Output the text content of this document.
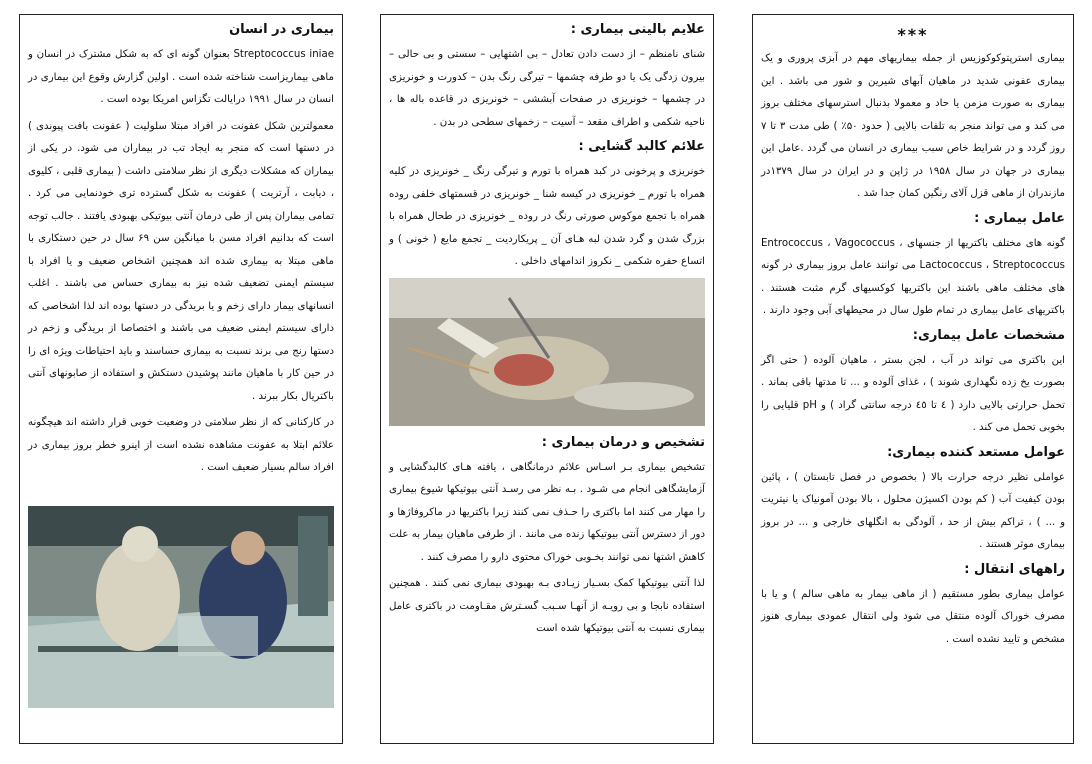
بیماری در انسان
Streptococcus iniae بعنوان گونه ای که به شکل مشترک در انسان و ماهی بیماریزاست شناخته شده است . اولین گزارش وقوع این بیماری در انسان در سال ۱۹۹۱ درایالت تگزاس امریکا بوده است .
معمولترین شکل عفونت در افراد مبتلا سلولیت ( عفونت بافت پیوندی ) در دستها است که منجر به ایجاد تب در بیماران می شود. در یکی از بیماران که مشکلات دیگری از نظر سلامتی داشت ( بیماری قلبی ، کلیوی ، دیابت ، آرتریت ) عفونت به شکل گسترده تری خودنمایی می کرد . تمامی بیماران پس از طی درمان آنتی بیوتیکی بهبودی یافتند . جالب توجه است که بدانیم افراد مسن با میانگین سن ۶۹ سال در حین دستکاری با ماهی مبتلا به بیماری شده اند همچنین اشخاص ضعیف و یا افراد با سیستم ایمنی تضعیف شده نیز به بیماری حساس می باشند . اغلب انسانهای بیمار دارای زخم و یا بریدگی در دستها بوده اند لذا اشخاصی که دارای سیستم ایمنی ضعیف می باشند و اختصاصا از بریدگی و زخم در دستها رنج می برند نسبت به بیماری حساسند و باید احتیاطات ویژه ای را در حین کار با ماهیان مانند پوشیدن دستکش و استفاده از صابونهای آنتی باکتریال بکار ببرند .
در کارکنانی که از نظر سلامتی در وضعیت خوبی قرار داشته اند هیچگونه علائم ابتلا به عفونت مشاهده نشده است از اینرو خطر بروز بیماری در افراد سالم بسیار ضعیف است .
علایم بالینی بیماری :
شنای نامنظم – از دست دادن تعادل – بی اشتهایی – سستی و بی حالی – بیرون زدگی یک یا دو طرفه چشمها – تیرگی رنگ بدن – کدورت و خونریزی در چشمها – خونریزی در صفحات آبششی – خونریزی در قاعده باله ها ، ناحیه شکمی و اطراف مقعد – آسیت – زخمهای سطحی در بدن .
علائم کالبد گشایی :
خونریزی و پرخونی در کبد همراه با تورم و تیرگی رنگ _ خونریزی در کلیه همراه با تورم _ خونریزی در کیسه شنا _ خونریزی در قسمتهای خلفی روده همراه با تجمع موکوس صورتی رنگ در روده _ خونریزی در طحال همراه با بزرگ شدن و گرد شدن لبه هـای آن _ پریکاردیت _ تجمع مایع ( خونی ) و اتساع حفره شکمی _ نکروز اندامهای داخلی .
تشخیص و درمان بیماری :
تشخیص بیماری بـر اسـاس علائم درمانگاهی ، یافته هـای کالبدگشایی و آزمایشگاهی انجام می شـود . بـه نظر می رسـد آنتی بیوتیکها شیوع بیماری را مهار می کنند اما باکتری را حـذف نمی کنند زیرا باکتریها در ماکروفاژها و دور از دسترس آنتی بیوتیکها زنده می مانند . از طرفی ماهیان بیمار به علت کاهش اشتها نمی توانند بخـوبی خوراک محتوی دارو را مصرف کنند .
لذا آنتی بیوتیکها کمک بسـیار زیـادی بـه بهبودی بیماری نمی کنند . همچنین استفاده نابجا و بی رویـه از آنهـا سـبب گسـترش مقـاومت در باکتری عامل بیماری نسبت به آنتی بیوتیکها شده است
***
بیماری استرپتوکوکوزیس از جمله بیماریهای مهم در آبزی پروری و یک بیماری عفونی شدید در ماهیان آبهای شیرین و شور می باشد . این بیماری به صورت مزمن یا حاد و معمولا بدنبال استرسهای مختلف بروز می کند و می تواند منجر به تلفات بالایی ( حدود ۵۰٪ ) طی مدت ۳ تا ۷ روز گردد و در شرایط خاص سبب بیماری در انسان می گردد .عامل این بیماری در جهان در سال ۱۹۵۸ در ژاپن و در ایران در سال ۱۳۷۹در مازندران از ماهی قزل آلای رنگین کمان جدا شد .
عامل بیماری :
گونه های مختلف باکتریها از جنسهای Entrococcus ، Vagococcus ، Lactococcus ، Streptococcus می توانند عامل بروز بیماری در گونه های مختلف ماهی باشند این باکتریها کوکسیهای گرم مثبت هستند . باکتریهای عامل بیماری در تمام طول سال در محیطهای آبی وجود دارند .
مشخصات عامل بیماری:
این باکتری می تواند در آب ، لجن بستر ، ماهیان آلوده ( حتی اگر بصورت یخ زده نگهداری شوند ) ، غذای آلوده و ... تا مدتها باقی بماند . تحمل حرارتی بالایی دارد ( ٤ تا ٤٥ درجه سانتی گراد ) و pH قلیایی را بخوبی تحمل می کند .
عوامل مستعد کننده بیماری:
عواملی نظیر درجه حرارت بالا ( بخصوص در فصل تابستان ) ، پائین بودن کیفیت آب ( کم بودن اکسیژن محلول ، بالا بودن آمونیاک یا نیتریت و ... ) ، تراکم بیش از حد ، آلودگی به انگلهای خارجی و ... در بروز بیماری موثر هستند .
راههای انتقال :
عوامل بیماری بطور مستقیم ( از ماهی بیمار به ماهی سالم ) و یا با مصرف خوراک آلوده منتقل می شود ولی انتقال عمودی بیماری هنوز مشخص و تایید نشده است .
